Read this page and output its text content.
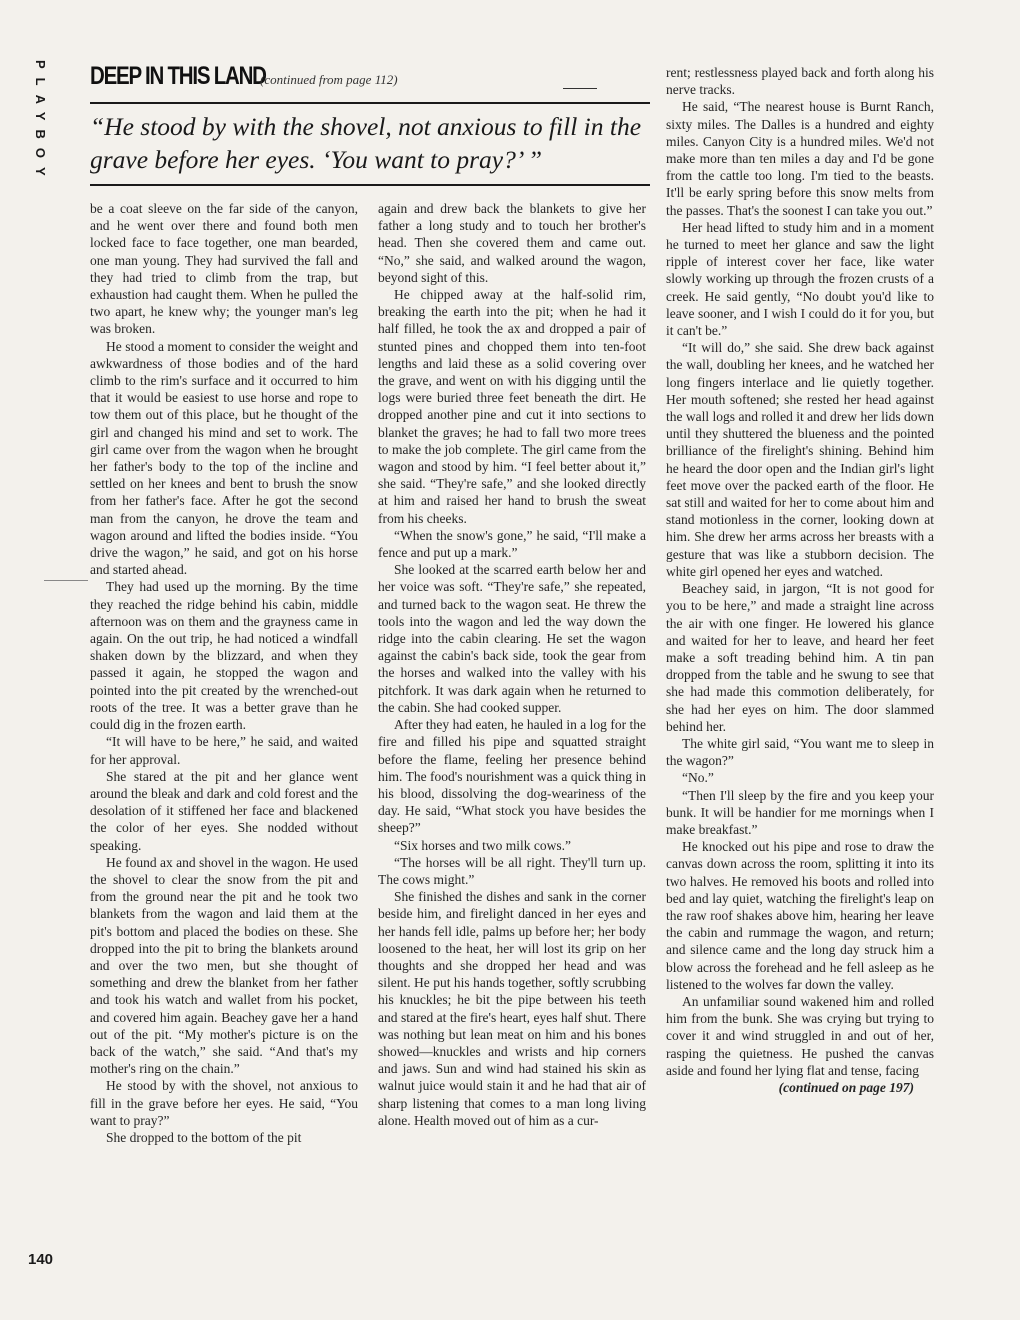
PLAYBOY DEEP IN THIS LAND
(continued from page 112)
“He stood by with the shovel, not anxious to fill in the grave before her eyes. ‘You want to pray?’ ”

be a coat sleeve on the far side of the canyon, and he went over there and found both men locked face to face together, one man bearded, one man young. They had survived the fall and they had tried to climb from the trap, but exhaustion had caught them. When he pulled the two apart, he knew why; the younger man's leg was broken.

He stood a moment to consider the weight and awkwardness of those bodies and of the hard climb to the rim's surface and it occurred to him that it would be easiest to use horse and rope to tow them out of this place, but he thought of the girl and changed his mind and set to work. The girl came over from the wagon when he brought her father's body to the top of the incline and settled on her knees and bent to brush the snow from her father's face. After he got the second man from the canyon, he drove the team and wagon around and lifted the bodies inside. “You drive the wagon,” he said, and got on his horse and started ahead.

They had used up the morning. By the time they reached the ridge behind his cabin, middle afternoon was on them and the grayness came in again. On the out trip, he had noticed a windfall shaken down by the blizzard, and when they passed it again, he stopped the wagon and pointed into the pit created by the wrenched-out roots of the tree. It was a better grave than he could dig in the frozen earth.

“It will have to be here,” he said, and waited for her approval.

She stared at the pit and her glance went around the bleak and dark and cold forest and the desolation of it stiffened her face and blackened the color of her eyes. She nodded without speaking.

He found ax and shovel in the wagon. He used the shovel to clear the snow from the pit and from the ground near the pit and he took two blankets from the wagon and laid them at the pit's bottom and placed the bodies on these. She dropped into the pit to bring the blankets around and over the two men, but she thought of something and drew the blanket from her father and took his watch and wallet from his pocket, and covered him again. Beachey gave her a hand out of the pit. “My mother's picture is on the back of the watch,” she said. “And that's my mother's ring on the chain.”

He stood by with the shovel, not anxious to fill in the grave before her eyes. He said, “You want to pray?”

She dropped to the bottom of the pit

again and drew back the blankets to give her father a long study and to touch her brother's head. Then she covered them and came out. “No,” she said, and walked around the wagon, beyond sight of this.

He chipped away at the half-solid rim, breaking the earth into the pit; when he had it half filled, he took the ax and dropped a pair of stunted pines and chopped them into ten-foot lengths and laid these as a solid covering over the grave, and went on with his digging until the logs were buried three feet beneath the dirt. He dropped another pine and cut it into sections to blanket the graves; he had to fall two more trees to make the job complete. The girl came from the wagon and stood by him. “I feel better about it,” she said. “They're safe,” and she looked directly at him and raised her hand to brush the sweat from his cheeks.

“When the snow's gone,” he said, “I'll make a fence and put up a mark.”

She looked at the scarred earth below her and her voice was soft. “They're safe,” she repeated, and turned back to the wagon seat. He threw the tools into the wagon and led the way down the ridge into the cabin clearing. He set the wagon against the cabin's back side, took the gear from the horses and walked into the valley with his pitchfork. It was dark again when he returned to the cabin. She had cooked supper.

After they had eaten, he hauled in a log for the fire and filled his pipe and squatted straight before the flame, feeling her presence behind him. The food's nourishment was a quick thing in his blood, dissolving the dog-weariness of the day. He said, “What stock you have besides the sheep?”

“Six horses and two milk cows.”

“The horses will be all right. They'll turn up. The cows might.”

She finished the dishes and sank in the corner beside him, and firelight danced in her eyes and her hands fell idle, palms up before her; her body loosened to the heat, her will lost its grip on her thoughts and she dropped her head and was silent. He put his hands together, softly scrubbing his knuckles; he bit the pipe between his teeth and stared at the fire's heart, eyes half shut. There was nothing but lean meat on him and his bones showed—knuckles and wrists and hip corners and jaws. Sun and wind had stained his skin as walnut juice would stain it and he had that air of sharp listening that comes to a man long living alone. Health moved out of him as a cur-

rent; restlessness played back and forth along his nerve tracks.

He said, “The nearest house is Burnt Ranch, sixty miles. The Dalles is a hundred and eighty miles. Canyon City is a hundred miles. We'd not make more than ten miles a day and I'd be gone from the cattle too long. I'm tied to the beasts. It'll be early spring before this snow melts from the passes. That's the soonest I can take you out.”

Her head lifted to study him and in a moment he turned to meet her glance and saw the light ripple of interest cover her face, like water slowly working up through the frozen crusts of a creek. He said gently, “No doubt you'd like to leave sooner, and I wish I could do it for you, but it can't be.”

“It will do,” she said. She drew back against the wall, doubling her knees, and he watched her long fingers interlace and lie quietly together. Her mouth softened; she rested her head against the wall logs and rolled it and drew her lids down until they shuttered the blueness and the pointed brilliance of the firelight's shining. Behind him he heard the door open and the Indian girl's light feet move over the packed earth of the floor. He sat still and waited for her to come about him and stand motionless in the corner, looking down at him. She drew her arms across her breasts with a gesture that was like a stubborn decision. The white girl opened her eyes and watched.

Beachey said, in jargon, “It is not good for you to be here,” and made a straight line across the air with one finger. He lowered his glance and waited for her to leave, and heard her feet make a soft treading behind him. A tin pan dropped from the table and he swung to see that she had made this commotion deliberately, for she had her eyes on him. The door slammed behind her.

The white girl said, “You want me to sleep in the wagon?”

“No.”

“Then I'll sleep by the fire and you keep your bunk. It will be handier for me mornings when I make breakfast.”

He knocked out his pipe and rose to draw the canvas down across the room, splitting it into its two halves. He removed his boots and rolled into bed and lay quiet, watching the firelight's leap on the raw roof shakes above him, hearing her leave the cabin and rummage the wagon, and return; and silence came and the long day struck him a blow across the forehead and he fell asleep as he listened to the wolves far down the valley.

An unfamiliar sound wakened him and rolled him from the bunk. She was crying but trying to cover it and wind struggled in and out of her, rasping the quietness. He pushed the canvas aside and found her lying flat and tense, facing

(continued on page 197)

140
